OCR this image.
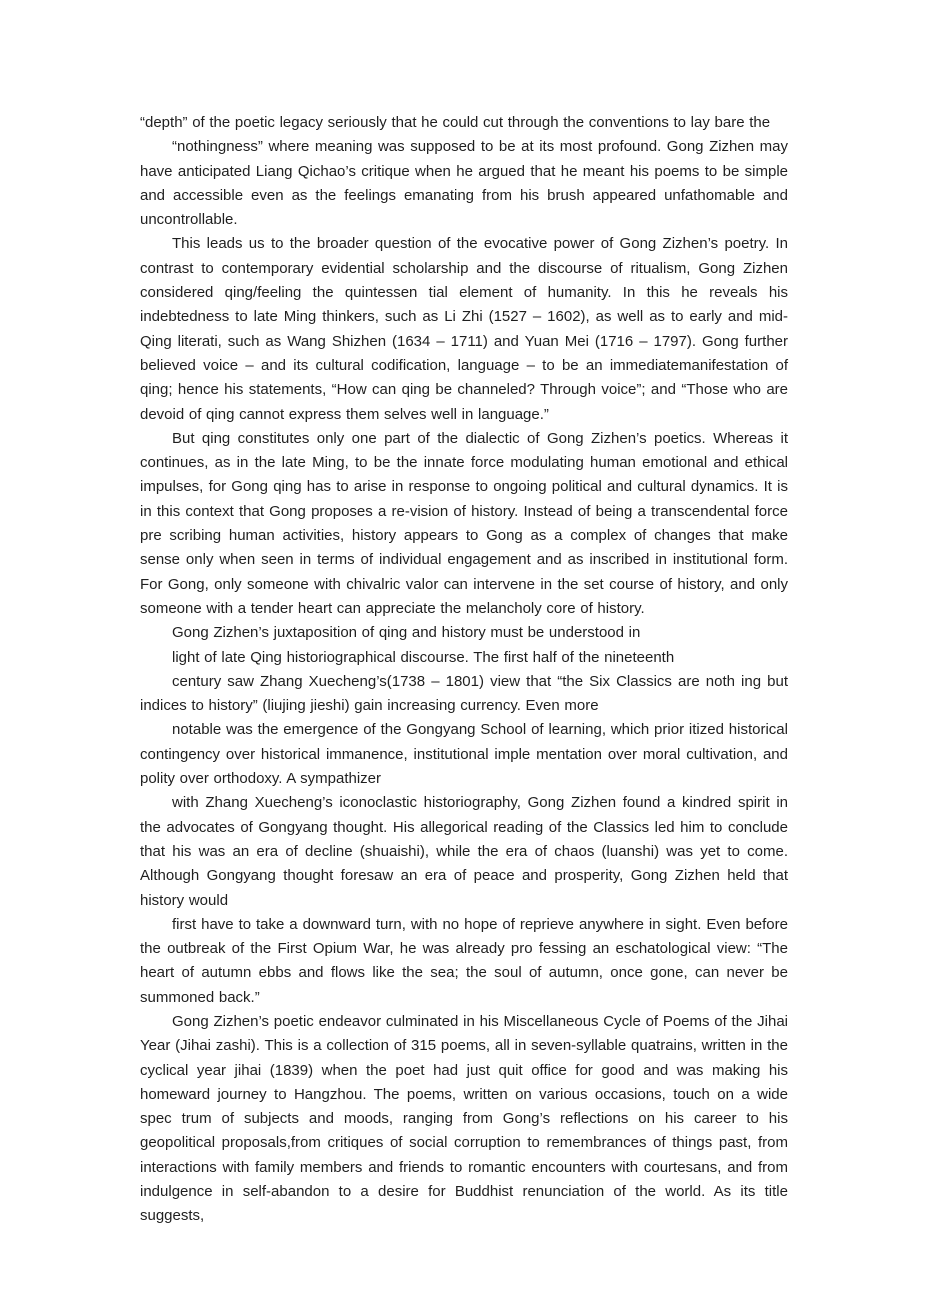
“depth” of the poetic legacy seriously that he could cut through the conventions to lay bare the

“nothingness” where meaning was supposed to be at its most profound. Gong Zizhen may have anticipated Liang Qichao’s critique when he argued that he meant his poems to be simple and accessible even as the feelings emanating from his brush appeared unfathomable and uncontrollable.

This leads us to the broader question of the evocative power of Gong Zizhen’s poetry. In contrast to contemporary evidential scholarship and the discourse of ritualism, Gong Zizhen considered qing/feeling the quintessen tial element of humanity. In this he reveals his indebtedness to late Ming thinkers, such as Li Zhi (1527 – 1602), as well as to early and mid-Qing literati, such as Wang Shizhen (1634 – 1711) and Yuan Mei (1716 – 1797). Gong further believed voice – and its cultural codification, language – to be an immediatemanifestation of qing; hence his statements, “How can qing be channeled? Through voice”; and “Those who are devoid of qing cannot express them selves well in language.”

But qing constitutes only one part of the dialectic of Gong Zizhen’s poetics. Whereas it continues, as in the late Ming, to be the innate force modulating human emotional and ethical impulses, for Gong qing has to arise in response to ongoing political and cultural dynamics. It is in this context that Gong proposes a re-vision of history. Instead of being a transcendental force pre scribing human activities, history appears to Gong as a complex of changes that make sense only when seen in terms of individual engagement and as inscribed in institutional form. For Gong, only someone with chivalric valor can intervene in the set course of history, and only someone with a tender heart can appreciate the melancholy core of history.

Gong Zizhen’s juxtaposition of qing and history must be understood in

light of late Qing historiographical discourse. The first half of the nineteenth

century saw Zhang Xuecheng’s(1738 – 1801) view that “the Six Classics are noth ing but indices to history” (liujing jieshi) gain increasing currency. Even more

notable was the emergence of the Gongyang School of learning, which prior itized historical contingency over historical immanence, institutional imple mentation over moral cultivation, and polity over orthodoxy. A sympathizer

with Zhang Xuecheng’s iconoclastic historiography, Gong Zizhen found a kindred spirit in the advocates of Gongyang thought. His allegorical reading of the Classics led him to conclude that his was an era of decline (shuaishi), while the era of chaos (luanshi) was yet to come. Although Gongyang thought foresaw an era of peace and prosperity, Gong Zizhen held that history would

first have to take a downward turn, with no hope of reprieve anywhere in sight. Even before the outbreak of the First Opium War, he was already pro fessing an eschatological view: “The heart of autumn ebbs and flows like the sea; the soul of autumn, once gone, can never be summoned back.”

Gong Zizhen’s poetic endeavor culminated in his Miscellaneous Cycle of Poems of the Jihai Year (Jihai zashi). This is a collection of 315 poems, all in seven-syllable quatrains, written in the cyclical year jihai (1839) when the poet had just quit office for good and was making his homeward journey to Hangzhou. The poems, written on various occasions, touch on a wide spec trum of subjects and moods, ranging from Gong’s reflections on his career to his geopolitical proposals,from critiques of social corruption to remembrances of things past, from interactions with family members and friends to romantic encounters with courtesans, and from indulgence in self-abandon to a desire for Buddhist renunciation of the world. As its title suggests,
